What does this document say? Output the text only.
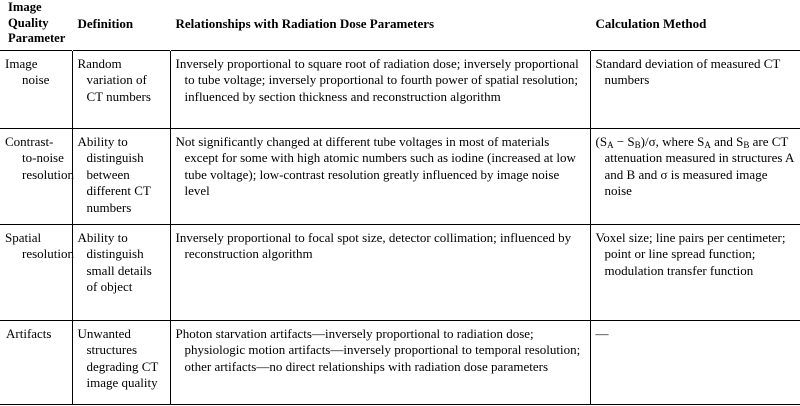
Image Quality Parameter	Definition	Relationships with Radiation Dose Parameters	Calculation Method
Image noise	Random variation of CT numbers	Inversely proportional to square root of radiation dose; inversely proportional to tube voltage; inversely proportional to fourth power of spatial resolution; influenced by section thickness and reconstruction algorithm	Standard deviation of measured CT numbers
Contrast-to-noise resolution	Ability to distinguish between different CT numbers	Not significantly changed at different tube voltages in most of materials except for some with high atomic numbers such as iodine (increased at low tube voltage); low-contrast resolution greatly influenced by image noise level	$(S_A - S_B)/\sigma$, where $S_A$ and $S_B$ are CT attenuation measured in structures A and B and σ is measured image noise
Spatial resolution	Ability to distinguish small details of object	Inversely proportional to focal spot size, detector collimation; influenced by reconstruction algorithm	Voxel size; line pairs per centimeter; point or line spread function; modulation transfer function
Artifacts	Unwanted structures degrading CT image quality	Photon starvation artifacts—inversely proportional to radiation dose; physiologic motion artifacts—inversely proportional to temporal resolution; other artifacts—no direct relationships with radiation dose parameters	—
